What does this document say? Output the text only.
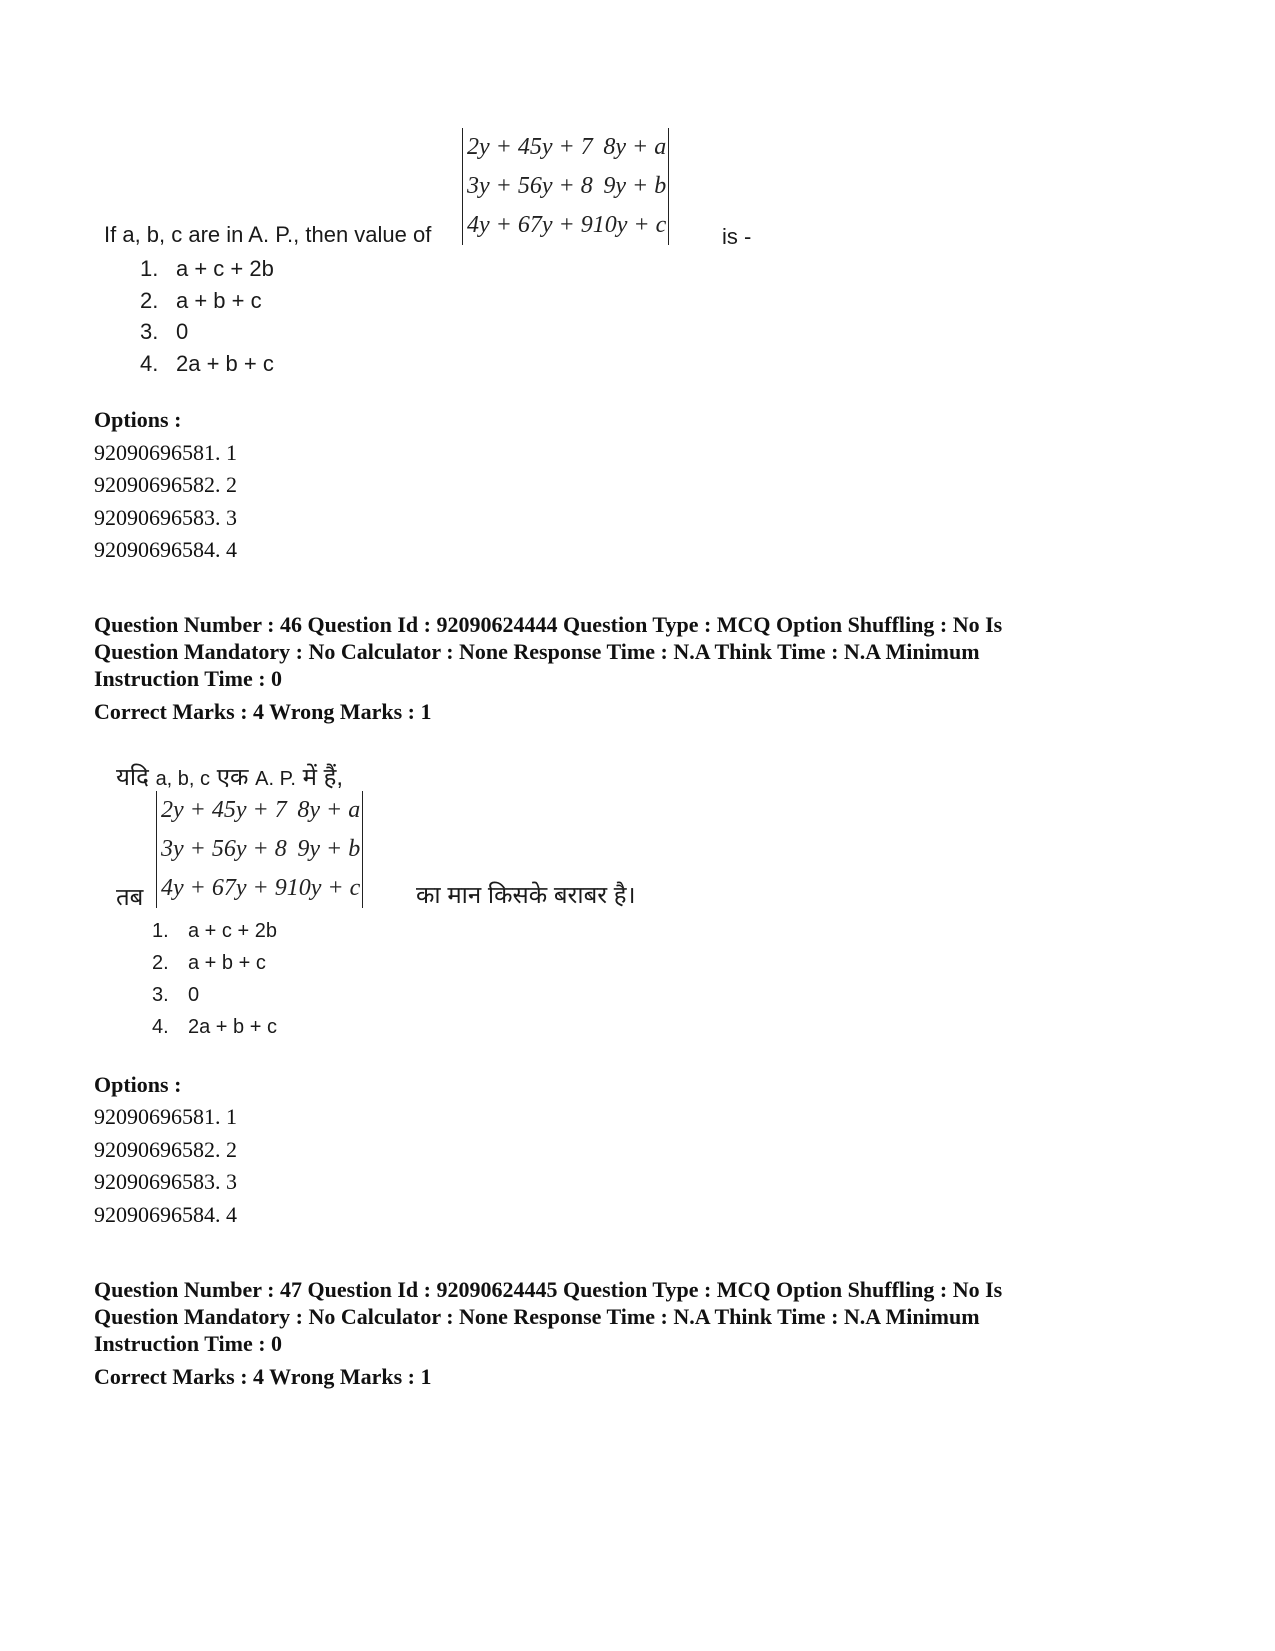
If a, b, c are in A. P., then value of
2y + 4	5y + 7	8y + a
3y + 5	6y + 8	9y + b
4y + 6	7y + 9	10y + c	is -
1. a + c + 2b
2. a + b + c
3. 0
4. 2a + b + c
Options :
92090696581. 1
92090696582. 2
92090696583. 3
92090696584. 4
Question Number : 46 Question Id : 92090624444 Question Type : MCQ Option Shuffling : No Is
Question Mandatory : No Calculator : None Response Time : N.A Think Time : N.A Minimum
Instruction Time : 0
Correct Marks : 4 Wrong Marks : 1
यदि a, b, c एक A. P. में हैं,
तब
2y + 4	5y + 7	8y + a
3y + 5	6y + 8	9y + b
4y + 6	7y + 9	10y + c का मान किसके बराबर है।
1. a + c + 2b
2. a + b + c
3. 0
4. 2a + b + c
Options :
92090696581. 1
92090696582. 2
92090696583. 3
92090696584. 4
Question Number : 47 Question Id : 92090624445 Question Type : MCQ Option Shuffling : No Is
Question Mandatory : No Calculator : None Response Time : N.A Think Time : N.A Minimum
Instruction Time : 0
Correct Marks : 4 Wrong Marks : 1
